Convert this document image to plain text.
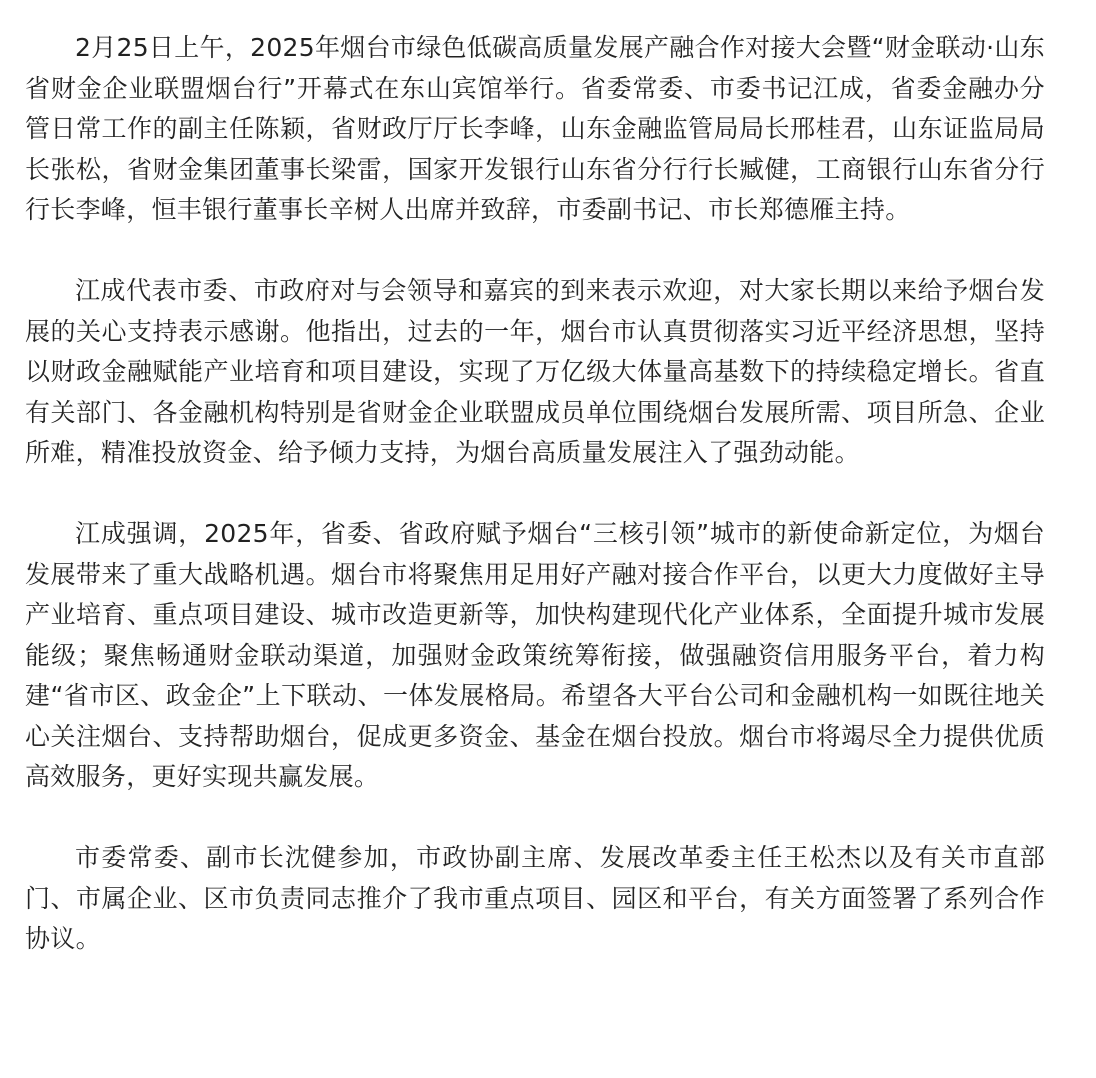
2月25日上午，2025年烟台市绿色低碳高质量发展产融合作对接大会暨“财金联动·山东省财金企业联盟烟台行”开幕式在东山宾馆举行。省委常委、市委书记江成，省委金融办分管日常工作的副主任陈颖，省财政厅厅长李峰，山东金融监管局局长邢桂君，山东证监局局长张松，省财金集团董事长梁雷，国家开发银行山东省分行行长臧健，工商银行山东省分行行长李峰，恒丰银行董事长辛树人出席并致辞，市委副书记、市长郑德雁主持。

江成代表市委、市政府对与会领导和嘉宾的到来表示欢迎，对大家长期以来给予烟台发展的关心支持表示感谢。他指出，过去的一年，烟台市认真贯彻落实习近平经济思想，坚持以财政金融赋能产业培育和项目建设，实现了万亿级大体量高基数下的持续稳定增长。省直有关部门、各金融机构特别是省财金企业联盟成员单位围绕烟台发展所需、项目所急、企业所难，精准投放资金、给予倾力支持，为烟台高质量发展注入了强劲动能。

江成强调，2025年，省委、省政府赋予烟台“三核引领”城市的新使命新定位，为烟台发展带来了重大战略机遇。烟台市将聚焦用足用好产融对接合作平台，以更大力度做好主导产业培育、重点项目建设、城市改造更新等，加快构建现代化产业体系，全面提升城市发展能级；聚焦畅通财金联动渠道，加强财金政策统筹衔接，做强融资信用服务平台，着力构建“省市区、政金企”上下联动、一体发展格局。希望各大平台公司和金融机构一如既往地关心关注烟台、支持帮助烟台，促成更多资金、基金在烟台投放。烟台市将竭尽全力提供优质高效服务，更好实现共赢发展。

市委常委、副市长沈健参加，市政协副主席、发展改革委主任王松杰以及有关市直部门、市属企业、区市负责同志推介了我市重点项目、园区和平台，有关方面签署了系列合作协议。
